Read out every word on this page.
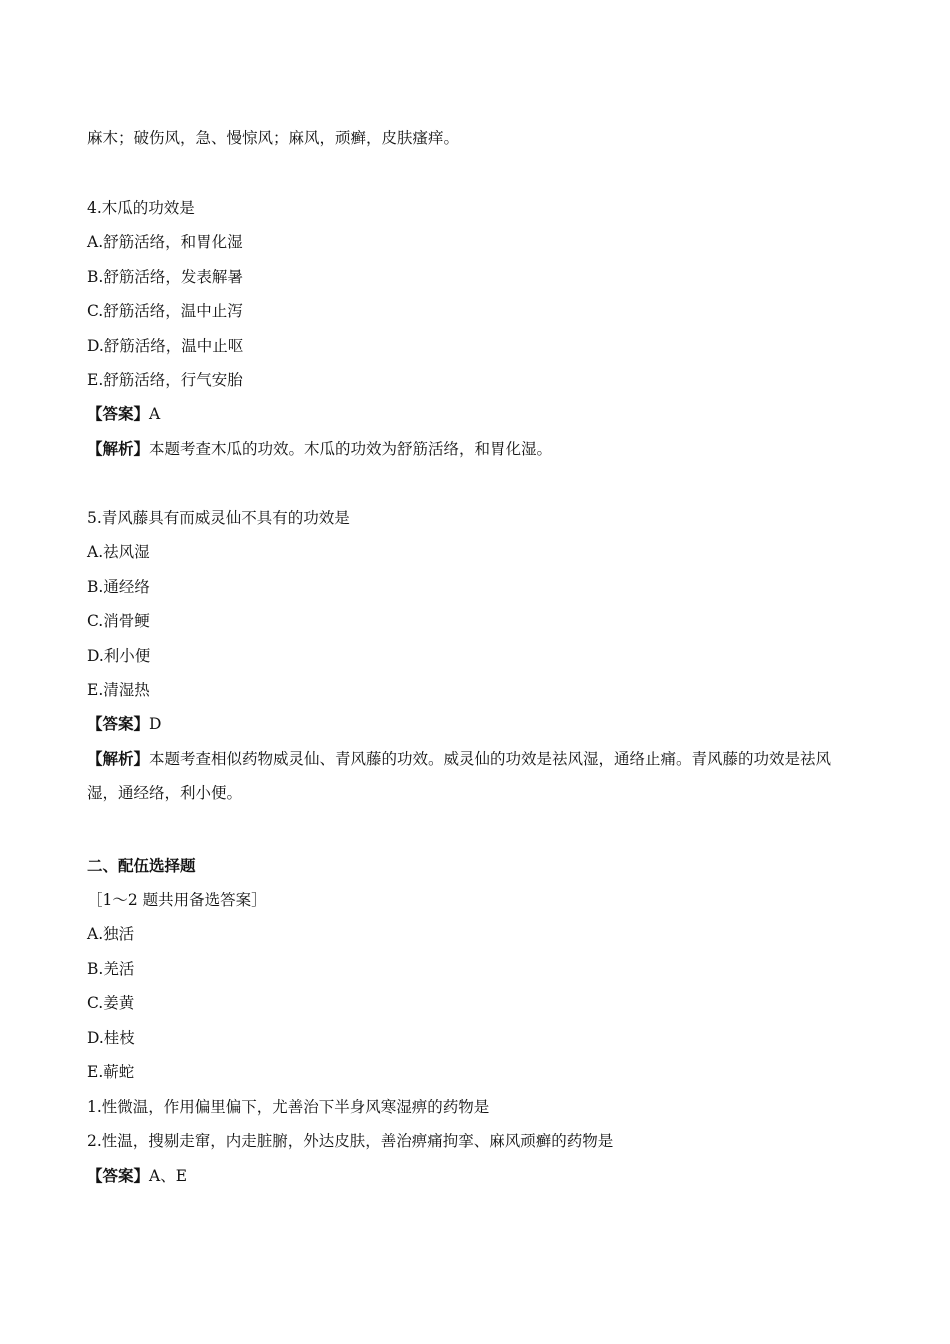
麻木；破伤风，急、慢惊风；麻风，顽癣，皮肤瘙痒。
4.木瓜的功效是
A.舒筋活络，和胃化湿
B.舒筋活络，发表解暑
C.舒筋活络，温中止泻
D.舒筋活络，温中止呕
E.舒筋活络，行气安胎
【答案】A
【解析】本题考查木瓜的功效。木瓜的功效为舒筋活络，和胃化湿。
5.青风藤具有而威灵仙不具有的功效是
A.祛风湿
B.通经络
C.消骨鲠
D.利小便
E.清湿热
【答案】D
【解析】本题考查相似药物威灵仙、青风藤的功效。威灵仙的功效是祛风湿，通络止痛。青风藤的功效是祛风湿，通经络，利小便。
二、配伍选择题
［1～2 题共用备选答案］
A.独活
B.羌活
C.姜黄
D.桂枝
E.蕲蛇
1.性微温，作用偏里偏下，尤善治下半身风寒湿痹的药物是
2.性温，搜剔走窜，内走脏腑，外达皮肤，善治痹痛拘挛、麻风顽癣的药物是
【答案】A、E
